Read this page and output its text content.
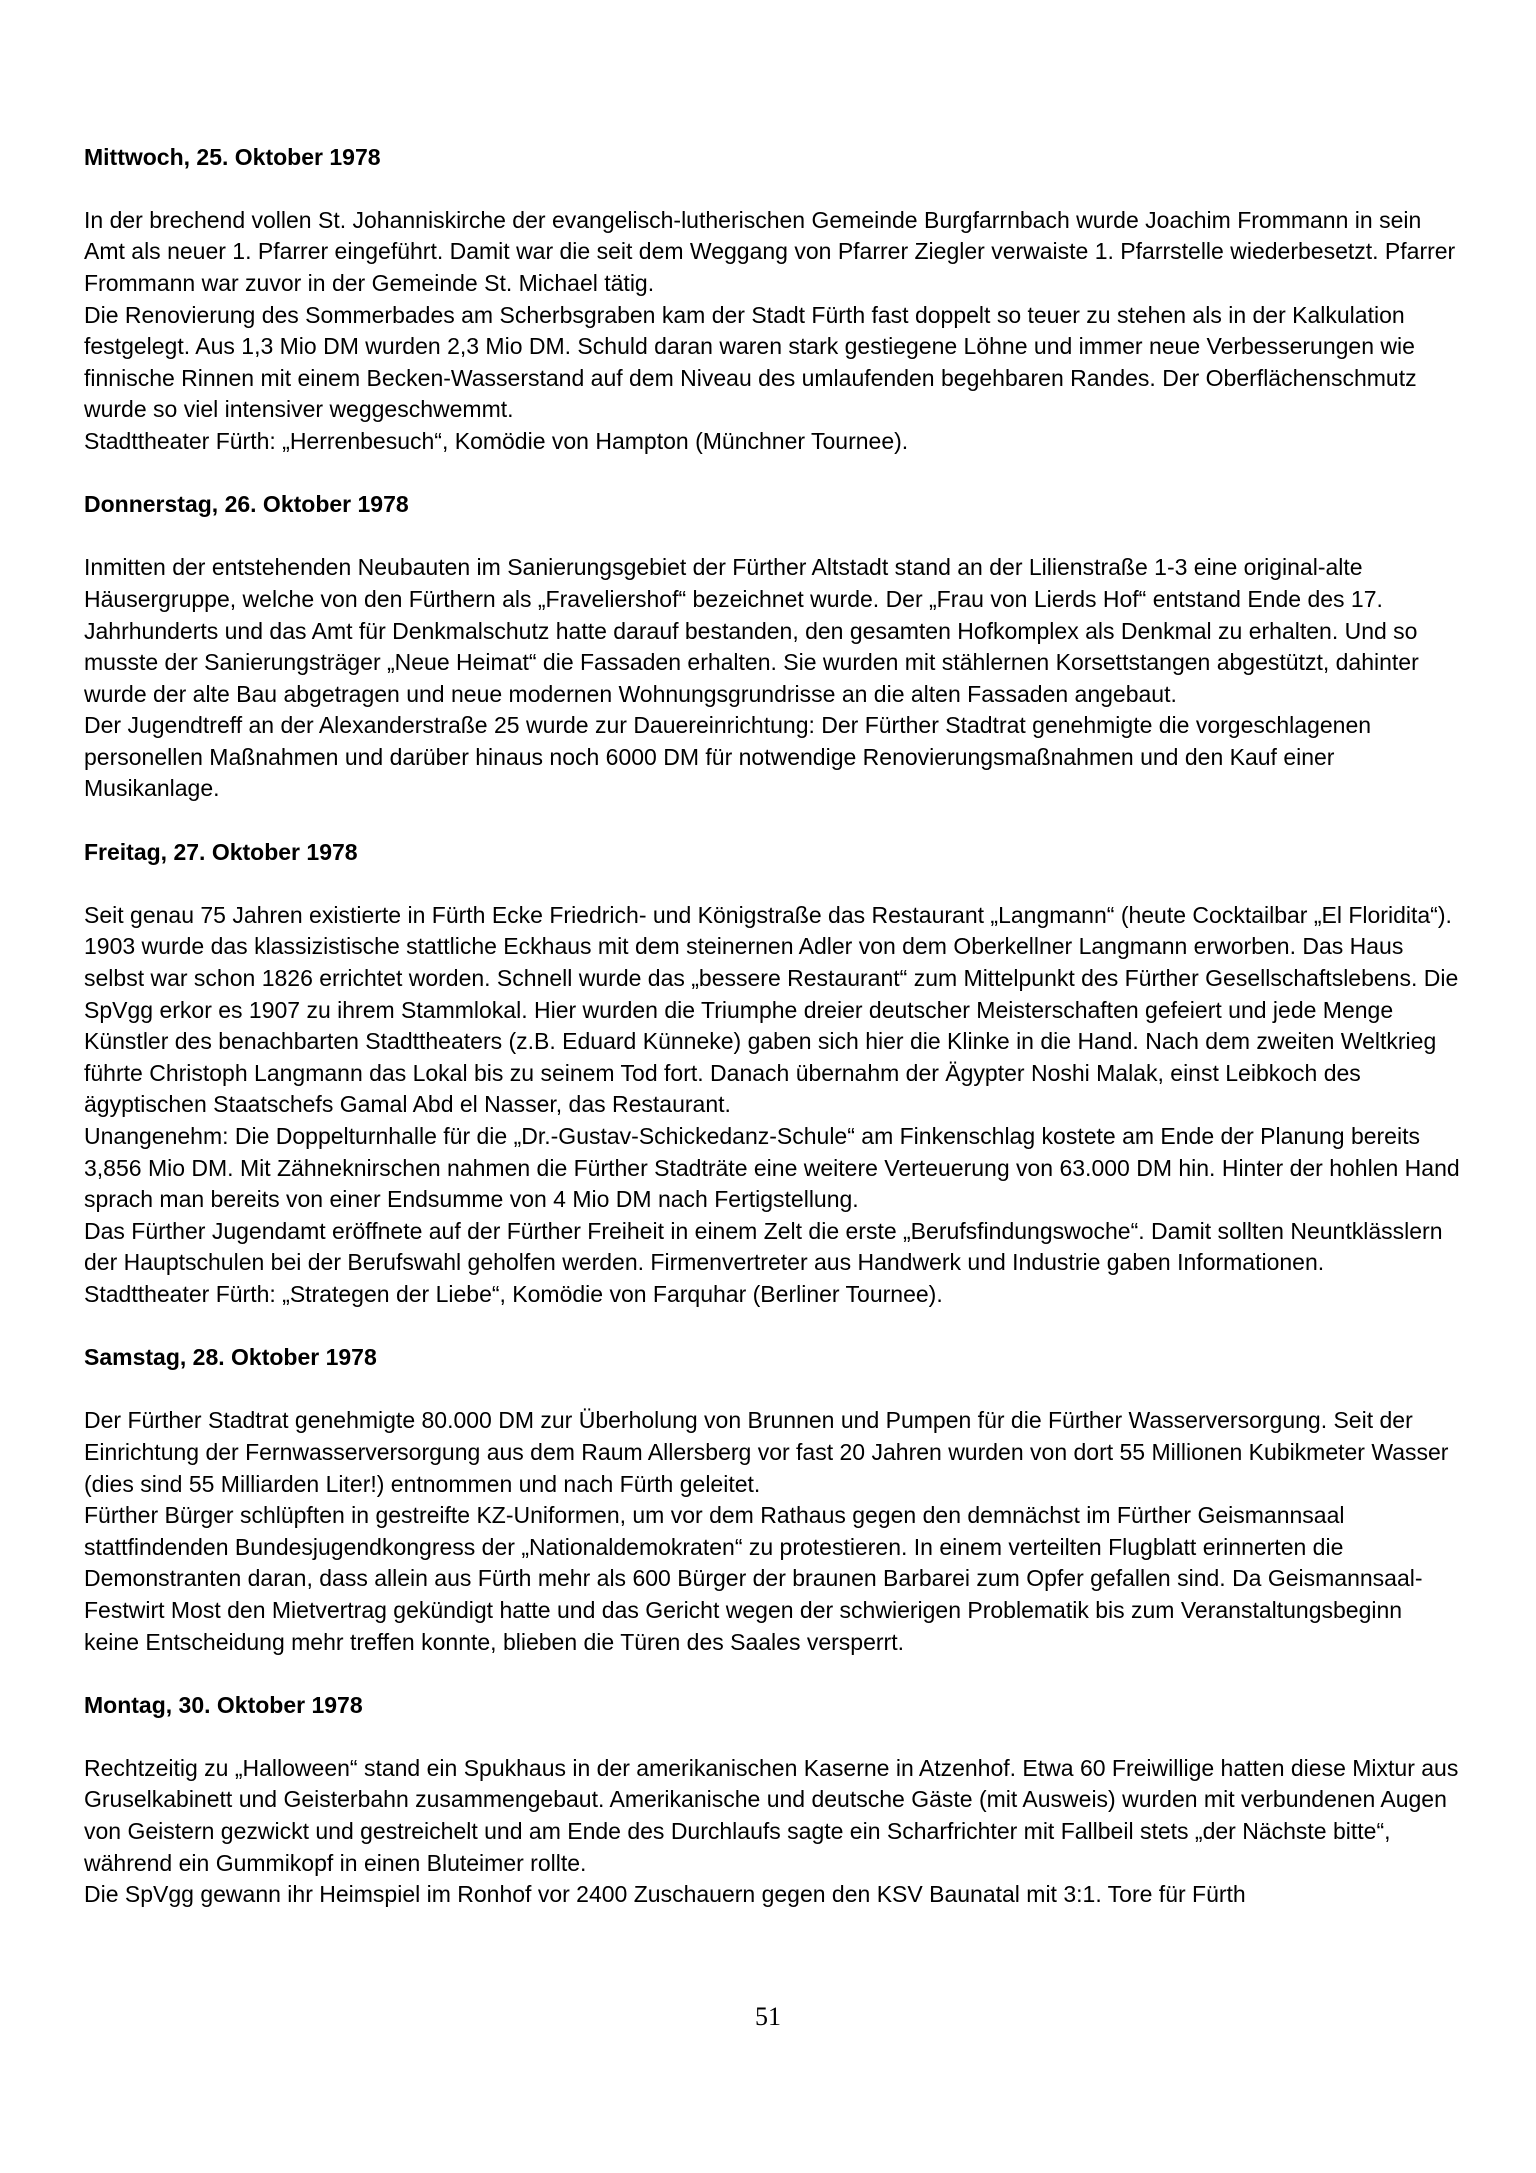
Mittwoch, 25. Oktober 1978
In der brechend vollen St. Johanniskirche der evangelisch-lutherischen Gemeinde Burgfarrnbach wurde Joachim Frommann in sein Amt als neuer 1. Pfarrer eingeführt. Damit war die seit dem Weggang von Pfarrer Ziegler verwaiste 1. Pfarrstelle wiederbesetzt. Pfarrer Frommann war zuvor in der Gemeinde St. Michael tätig.
Die Renovierung des Sommerbades am Scherbsgraben kam der Stadt Fürth fast doppelt so teuer zu stehen als in der Kalkulation festgelegt. Aus 1,3 Mio DM wurden 2,3 Mio DM. Schuld daran waren stark gestiegene Löhne und immer neue Verbesserungen wie finnische Rinnen mit einem Becken-Wasserstand auf dem Niveau des umlaufenden begehbaren Randes. Der Oberflächenschmutz wurde so viel intensiver weggeschwemmt.
Stadttheater Fürth: „Herrenbesuch“, Komödie von Hampton (Münchner Tournee).
Donnerstag, 26. Oktober 1978
Inmitten der entstehenden Neubauten im Sanierungsgebiet der Fürther Altstadt stand an der Lilienstraße 1-3 eine original-alte Häusergruppe, welche von den Fürthern als „Fraveliershof“ bezeichnet wurde. Der „Frau von Lierds Hof“ entstand Ende des 17. Jahrhunderts und das Amt für Denkmalschutz hatte darauf bestanden, den gesamten Hofkomplex als Denkmal zu erhalten. Und so musste der Sanierungsträger „Neue Heimat“ die Fassaden erhalten. Sie wurden mit stählernen Korsettstangen abgestützt, dahinter wurde der alte Bau abgetragen und neue modernen Wohnungsgrundrisse an die alten Fassaden angebaut.
Der Jugendtreff an der Alexanderstraße 25 wurde zur Dauereinrichtung: Der Fürther Stadtrat genehmigte die vorgeschlagenen personellen Maßnahmen und darüber hinaus noch 6000 DM für notwendige Renovierungsmaßnahmen und den Kauf einer Musikanlage.
Freitag, 27. Oktober 1978
Seit genau 75 Jahren existierte in Fürth Ecke Friedrich- und Königstraße das Restaurant „Langmann“ (heute Cocktailbar „El Floridita“). 1903 wurde das klassizistische stattliche Eckhaus mit dem steinernen Adler von dem Oberkellner Langmann erworben. Das Haus selbst war schon 1826 errichtet worden. Schnell wurde das „bessere Restaurant“ zum Mittelpunkt des Fürther Gesellschaftslebens. Die SpVgg erkor es 1907 zu ihrem Stammlokal. Hier wurden die Triumphe dreier deutscher Meisterschaften gefeiert und jede Menge Künstler des benachbarten Stadttheaters (z.B. Eduard Künneke) gaben sich hier die Klinke in die Hand. Nach dem zweiten Weltkrieg führte Christoph Langmann das Lokal bis zu seinem Tod fort. Danach übernahm der Ägypter Noshi Malak, einst Leibkoch des ägyptischen Staatschefs Gamal Abd el Nasser, das Restaurant.
Unangenehm: Die Doppelturnhalle für die „Dr.-Gustav-Schickedanz-Schule“ am Finkenschlag kostete am Ende der Planung bereits 3,856 Mio DM. Mit Zähneknirschen nahmen die Fürther Stadträte eine weitere Verteuerung von 63.000 DM hin. Hinter der hohlen Hand sprach man bereits von einer Endsumme von 4 Mio DM nach Fertigstellung.
Das Fürther Jugendamt eröffnete auf der Fürther Freiheit in einem Zelt die erste „Berufsfindungswoche“. Damit sollten Neuntklässlern der Hauptschulen bei der Berufswahl geholfen werden. Firmenvertreter aus Handwerk und Industrie gaben Informationen.
Stadttheater Fürth: „Strategen der Liebe“, Komödie von Farquhar (Berliner Tournee).
Samstag, 28. Oktober 1978
Der Fürther Stadtrat genehmigte 80.000 DM zur Überholung von Brunnen und Pumpen für die Fürther Wasserversorgung. Seit der Einrichtung der Fernwasserversorgung aus dem Raum Allersberg vor fast 20 Jahren wurden von dort 55 Millionen Kubikmeter Wasser (dies sind 55 Milliarden Liter!) entnommen und nach Fürth geleitet.
Fürther Bürger schlüpften in gestreifte KZ-Uniformen, um vor dem Rathaus gegen den demnächst im Fürther Geismannsaal stattfindenden Bundesjugendkongress der „Nationaldemokraten“ zu protestieren. In einem verteilten Flugblatt erinnerten die Demonstranten daran, dass allein aus Fürth mehr als 600 Bürger der braunen Barbarei zum Opfer gefallen sind. Da Geismannsaal-Festwirt Most den Mietvertrag gekündigt hatte und das Gericht wegen der schwierigen Problematik bis zum Veranstaltungsbeginn keine Entscheidung mehr treffen konnte, blieben die Türen des Saales versperrt.
Montag, 30. Oktober 1978
Rechtzeitig zu „Halloween“ stand ein Spukhaus in der amerikanischen Kaserne in Atzenhof. Etwa 60 Freiwillige hatten diese Mixtur aus Gruselkabinett und Geisterbahn zusammengebaut. Amerikanische und deutsche Gäste (mit Ausweis) wurden mit verbundenen Augen von Geistern gezwickt und gestreichelt und am Ende des Durchlaufs sagte ein Scharfrichter mit Fallbeil stets „der Nächste bitte“, während ein Gummikopf in einen Bluteimer rollte.
Die SpVgg gewann ihr Heimspiel im Ronhof vor 2400 Zuschauern gegen den KSV Baunatal mit 3:1. Tore für Fürth
51
